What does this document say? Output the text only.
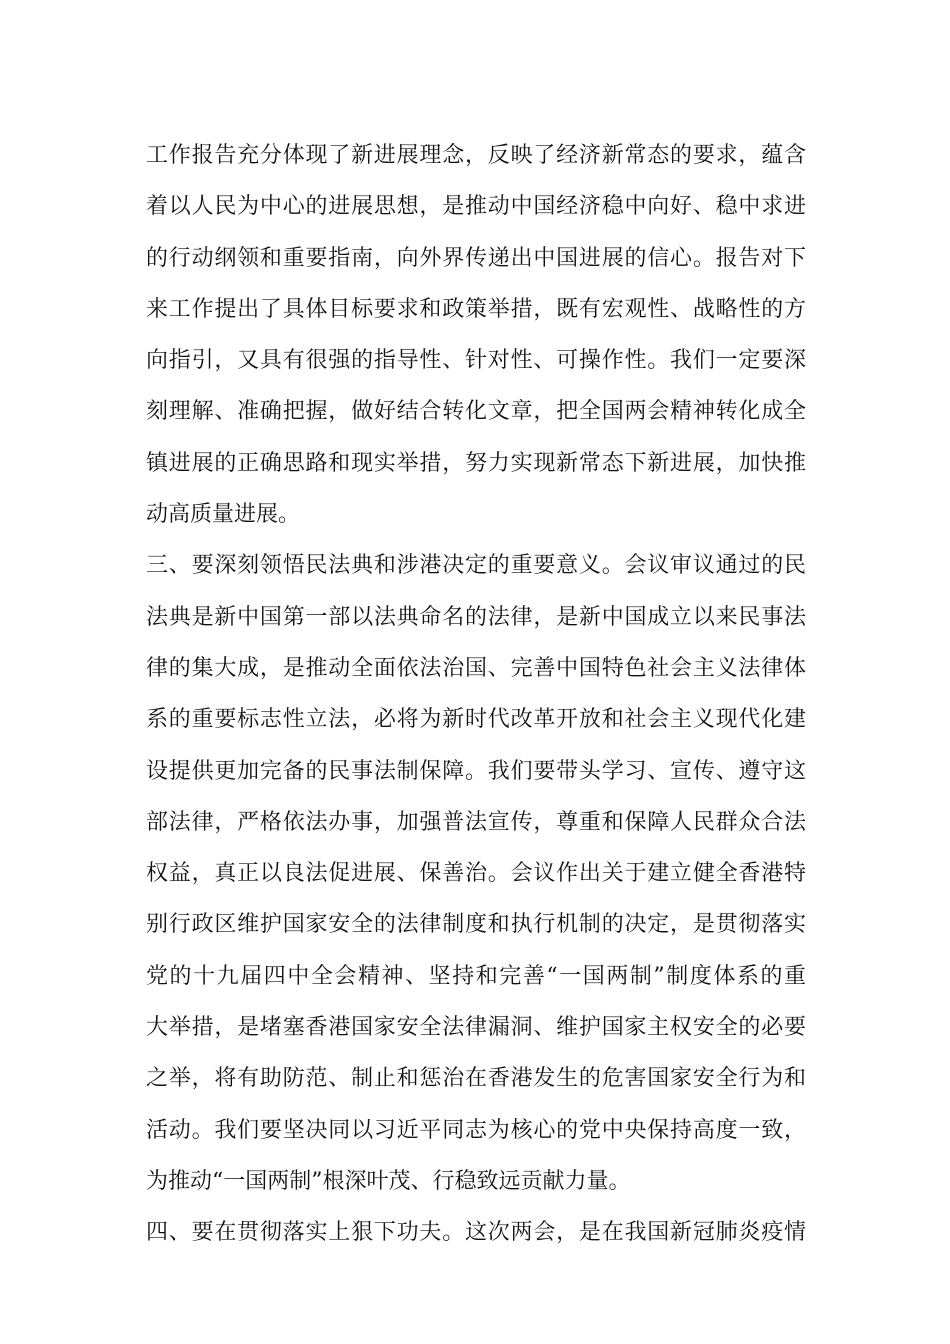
工作报告充分体现了新进展理念，反映了经济新常态的要求，蕴含
着以人民为中心的进展思想，是推动中国经济稳中向好、稳中求进
的行动纲领和重要指南，向外界传递出中国进展的信心。报告对下
来工作提出了具体目标要求和政策举措，既有宏观性、战略性的方
向指引，又具有很强的指导性、针对性、可操作性。我们一定要深
刻理解、准确把握，做好结合转化文章，把全国两会精神转化成全
镇进展的正确思路和现实举措，努力实现新常态下新进展，加快推
动高质量进展。
三、要深刻领悟民法典和涉港决定的重要意义。会议审议通过的民
法典是新中国第一部以法典命名的法律，是新中国成立以来民事法
律的集大成，是推动全面依法治国、完善中国特色社会主义法律体
系的重要标志性立法，必将为新时代改革开放和社会主义现代化建
设提供更加完备的民事法制保障。我们要带头学习、宣传、遵守这
部法律，严格依法办事，加强普法宣传，尊重和保障人民群众合法
权益，真正以良法促进展、保善治。会议作出关于建立健全香港特
别行政区维护国家安全的法律制度和执行机制的决定，是贯彻落实
党的十九届四中全会精神、坚持和完善“一国两制”制度体系的重
大举措，是堵塞香港国家安全法律漏洞、维护国家主权安全的必要
之举，将有助防范、制止和惩治在香港发生的危害国家安全行为和
活动。我们要坚决同以习近平同志为核心的党中央保持高度一致，
为推动“一国两制”根深叶茂、行稳致远贡献力量。
四、要在贯彻落实上狠下功夫。这次两会，是在我国新冠肺炎疫情
